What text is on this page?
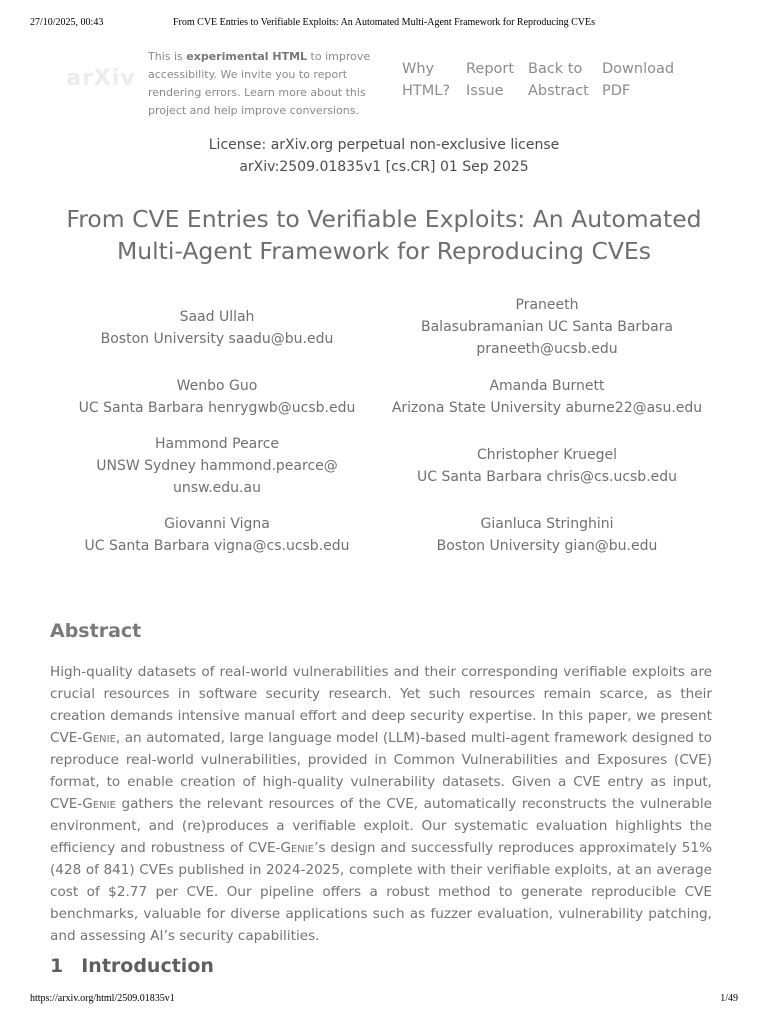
27/10/2025, 00:43	From CVE Entries to Verifiable Exploits: An Automated Multi-Agent Framework for Reproducing CVEs
arXiv
This is experimental HTML to improve accessibility. We invite you to report rendering errors. Learn more about this project and help improve conversions.
Why
HTML?
Report
Issue
Back to
Abstract
Download
PDF
License: arXiv.org perpetual non-exclusive license
arXiv:2509.01835v1 [cs.CR] 01 Sep 2025
From CVE Entries to Verifiable Exploits: An Automated
Multi-Agent Framework for Reproducing CVEs
Saad Ullah
Boston University saadu@bu.edu
Praneeth
Balasubramanian UC Santa Barbara
praneeth@ucsb.edu
Wenbo Guo
UC Santa Barbara henrygwb@ucsb.edu
Amanda Burnett
Arizona State University aburne22@asu.edu
Hammond Pearce
UNSW Sydney hammond.pearce@
unsw.edu.au
Christopher Kruegel
UC Santa Barbara chris@cs.ucsb.edu
Giovanni Vigna
UC Santa Barbara vigna@cs.ucsb.edu
Gianluca Stringhini
Boston University gian@bu.edu
Abstract

High-quality datasets of real-world vulnerabilities and their corresponding verifiable exploits are crucial resources in software security research. Yet such resources remain scarce, as their creation demands intensive manual effort and deep security expertise. In this paper, we present CVE-Genie, an automated, large language model (LLM)-based multi-agent framework designed to reproduce real-world vulnerabilities, provided in Common Vulnerabilities and Exposures (CVE) format, to enable creation of high-quality vulnerability datasets. Given a CVE entry as input, CVE-Genie gathers the relevant resources of the CVE, automatically reconstructs the vulnerable environment, and (re)produces a verifiable exploit. Our systematic evaluation highlights the efficiency and robustness of CVE-Genie’s design and successfully reproduces approximately 51% (428 of 841) CVEs published in 2024-2025, complete with their verifiable exploits, at an average cost of $2.77 per CVE. Our pipeline offers a robust method to generate reproducible CVE benchmarks, valuable for diverse applications such as fuzzer evaluation, vulnerability patching, and assessing AI’s security capabilities.

1 Introduction
https://arxiv.org/html/2509.01835v1	1/49
